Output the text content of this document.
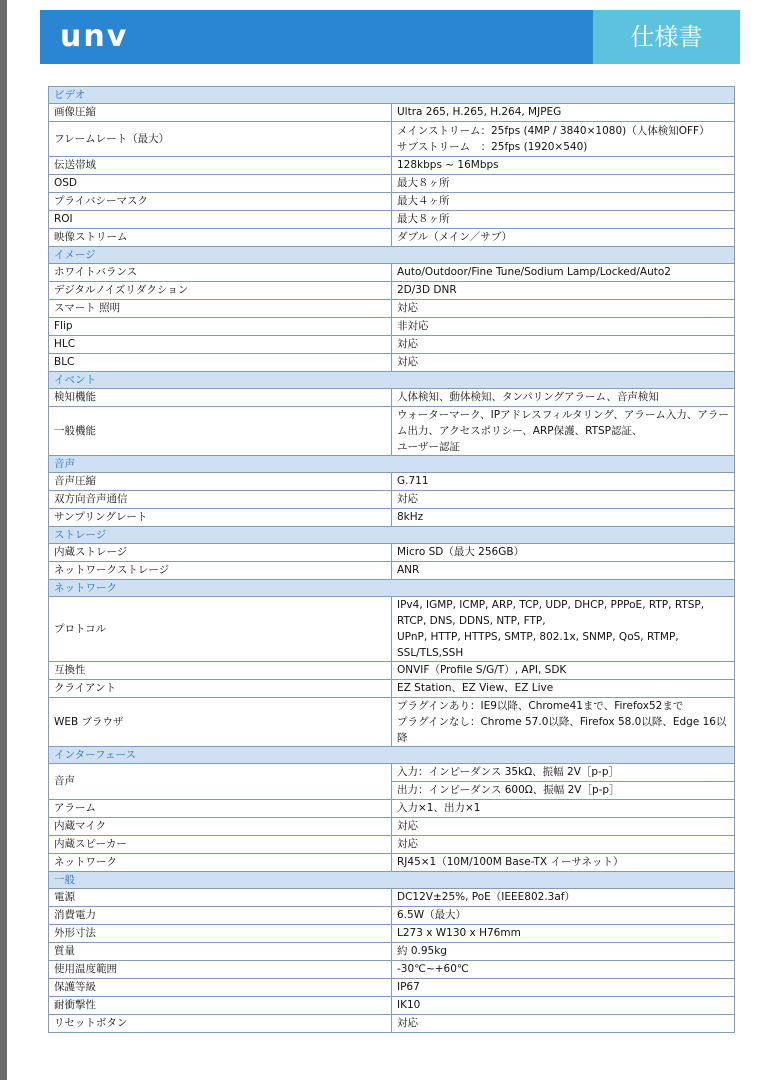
unv	仕様書
ビデオ	
画像圧縮	Ultra 265, H.265, H.264, MJPEG
フレームレート（最大）	メインストリーム：25fps (4MP / 3840×1080)（人体検知OFF）
サブストリーム　：25fps (1920×540)

伝送帯域	128kbps ~ 16Mbps
OSD	最大８ヶ所
プライバシーマスク	最大４ヶ所
ROI	最大８ヶ所
映像ストリーム	ダブル（メイン／サブ）
イメージ	
ホワイトバランス	Auto/Outdoor/Fine Tune/Sodium Lamp/Locked/Auto2
デジタルノイズリダクション	2D/3D DNR
スマート 照明	対応
Flip	非対応
HLC	対応
BLC	対応
イベント	
検知機能	人体検知、動体検知、タンパリングアラーム、音声検知
一般機能	ウォーターマーク、IPアドレスフィルタリング、アラーム入力、アラーム出力、アクセスポリシー、ARP保護、RTSP認証、
ユーザー認証

音声	
音声圧縮	G.711
双方向音声通信	対応
サンプリングレート	8kHz
ストレージ	
内蔵ストレージ	Micro SD（最大 256GB）
ネットワークストレージ	ANR
ネットワーク	
プロトコル	IPv4, IGMP, ICMP, ARP, TCP, UDP, DHCP, PPPoE, RTP, RTSP, RTCP, DNS, DDNS, NTP, FTP,
UPnP, HTTP, HTTPS, SMTP, 802.1x, SNMP, QoS, RTMP, SSL/TLS,SSH

互換性	ONVIF（Profile S/G/T）, API, SDK
クライアント	EZ Station、EZ View、EZ Live
WEB ブラウザ	プラグインあり：IE9以降、Chrome41まで、Firefox52まで
プラグインなし：Chrome 57.0以降、Firefox 58.0以降、Edge 16以降

インターフェース	
音声	入力：インピーダンス 35kΩ、振幅 2V［p-p］
	出力：インピーダンス 600Ω、振幅 2V［p-p］
アラーム	入力×1、出力×1
内蔵マイク	対応
内蔵スピーカー	対応
ネットワーク	RJ45×1（10M/100M Base-TX イーサネット）
一般	
電源	DC12V±25%, PoE（IEEE802.3af）
消費電力	6.5W（最大）
外形寸法	L273 x W130 x H76mm
質量	約 0.95kg
使用温度範囲	-30℃~+60℃
保護等級	IP67
耐衝撃性	IK10
リセットボタン	対応
